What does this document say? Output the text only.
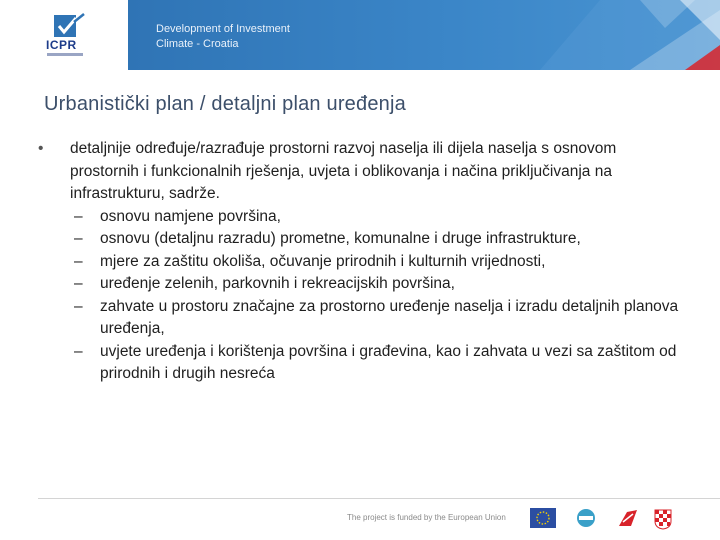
ICPR
Development of Investment
Climate - Croatia
Urbanistički plan / detaljni plan uređenja
• detaljnije određuje/razrađuje prostorni razvoj naselja ili dijela naselja s osnovom prostornih i funkcionalnih rješenja, uvjeta i oblikovanja i načina priključivanja na infrastrukturu, sadrže.
– osnovu namjene površina,
– osnovu (detaljnu razradu) prometne, komunalne i druge infrastrukture,
– mjere za zaštitu okoliša, očuvanje prirodnih i kulturnih vrijednosti,
– uređenje zelenih, parkovnih i rekreacijskih površina,
– zahvate u prostoru značajne za prostorno uređenje naselja i izradu detaljnih planova uređenja,
– uvjete uređenja i korištenja površina i građevina, kao i zahvata u vezi sa zaštitom od prirodnih i drugih nesreća
The project is funded by the European Union
